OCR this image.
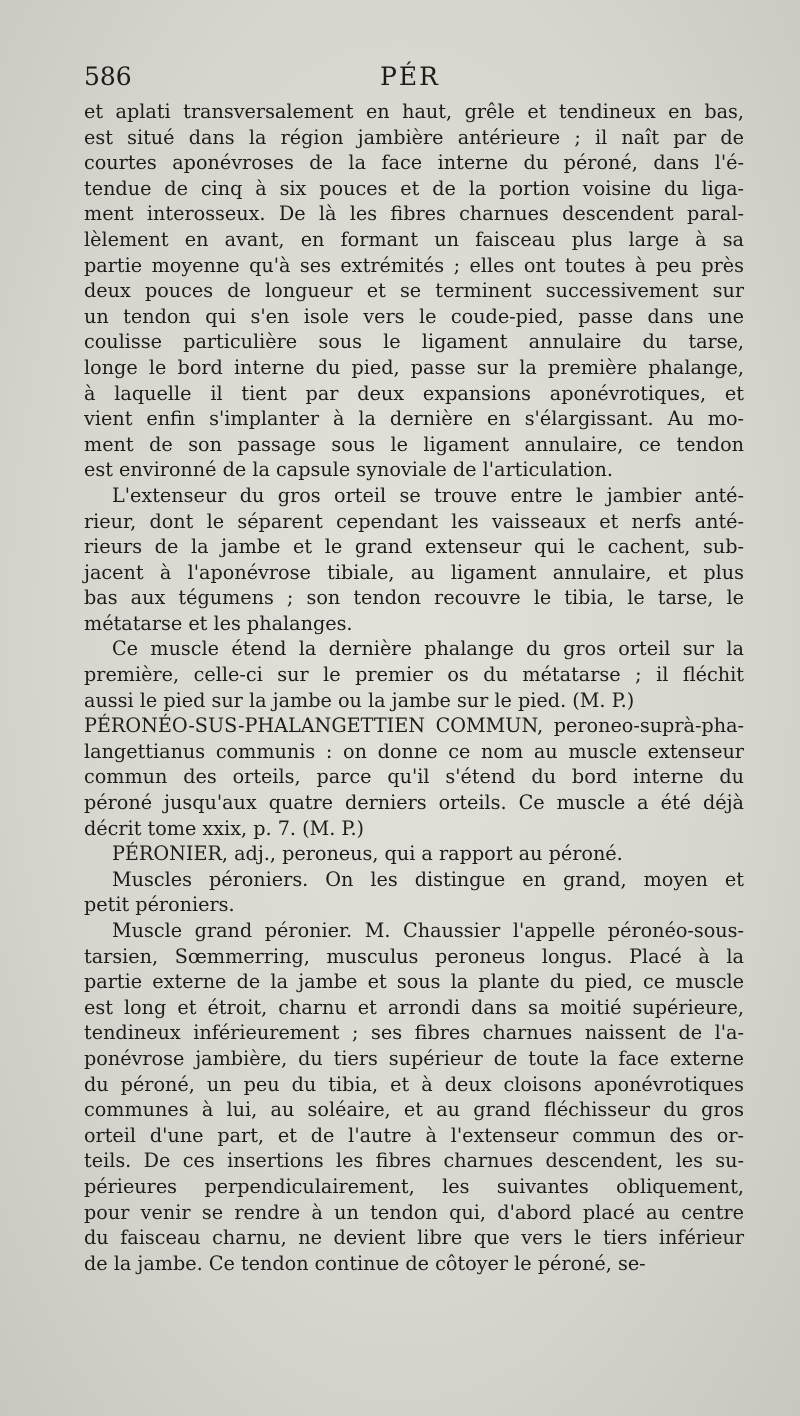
586	PÉR
et aplati transversalement en haut, grêle et tendineux en bas,
est situé dans la région jambière antérieure ; il naît par de
courtes aponévroses de la face interne du péroné, dans l'é-
tendue de cinq à six pouces et de la portion voisine du liga-
ment interosseux. De là les fibres charnues descendent paral-
lèlement en avant, en formant un faisceau plus large à sa
partie moyenne qu'à ses extrémités ; elles ont toutes à peu près
deux pouces de longueur et se terminent successivement sur
un tendon qui s'en isole vers le coude-pied, passe dans une
coulisse particulière sous le ligament annulaire du tarse,
longe le bord interne du pied, passe sur la première phalange,
à laquelle il tient par deux expansions aponévrotiques, et
vient enfin s'implanter à la dernière en s'élargissant. Au mo-
ment de son passage sous le ligament annulaire, ce tendon
est environné de la capsule synoviale de l'articulation.
L'extenseur du gros orteil se trouve entre le jambier anté-
rieur, dont le séparent cependant les vaisseaux et nerfs anté-
rieurs de la jambe et le grand extenseur qui le cachent, sub-
jacent à l'aponévrose tibiale, au ligament annulaire, et plus
bas aux tégumens ; son tendon recouvre le tibia, le tarse, le
métatarse et les phalanges.
Ce muscle étend la dernière phalange du gros orteil sur la
première, celle-ci sur le premier os du métatarse ; il fléchit
aussi le pied sur la jambe ou la jambe sur le pied. (M. P.)
PÉRONÉO-SUS-PHALANGETTIEN COMMUN, peroneo-suprà-pha-
langettianus communis : on donne ce nom au muscle extenseur
commun des orteils, parce qu'il s'étend du bord interne du
péroné jusqu'aux quatre derniers orteils. Ce muscle a été déjà
décrit tome xxix, p. 7. (M. P.)
PÉRONIER, adj., peroneus, qui a rapport au péroné.
Muscles péroniers. On les distingue en grand, moyen et
petit péroniers.
Muscle grand péronier. M. Chaussier l'appelle péronéo-sous-
tarsien, Sœmmerring, musculus peroneus longus. Placé à la
partie externe de la jambe et sous la plante du pied, ce muscle
est long et étroit, charnu et arrondi dans sa moitié supérieure,
tendineux inférieurement ; ses fibres charnues naissent de l'a-
ponévrose jambière, du tiers supérieur de toute la face externe
du péroné, un peu du tibia, et à deux cloisons aponévrotiques
communes à lui, au soléaire, et au grand fléchisseur du gros
orteil d'une part, et de l'autre à l'extenseur commun des or-
teils. De ces insertions les fibres charnues descendent, les su-
périeures perpendiculairement, les suivantes obliquement,
pour venir se rendre à un tendon qui, d'abord placé au centre
du faisceau charnu, ne devient libre que vers le tiers inférieur
de la jambe. Ce tendon continue de côtoyer le péroné, se-
